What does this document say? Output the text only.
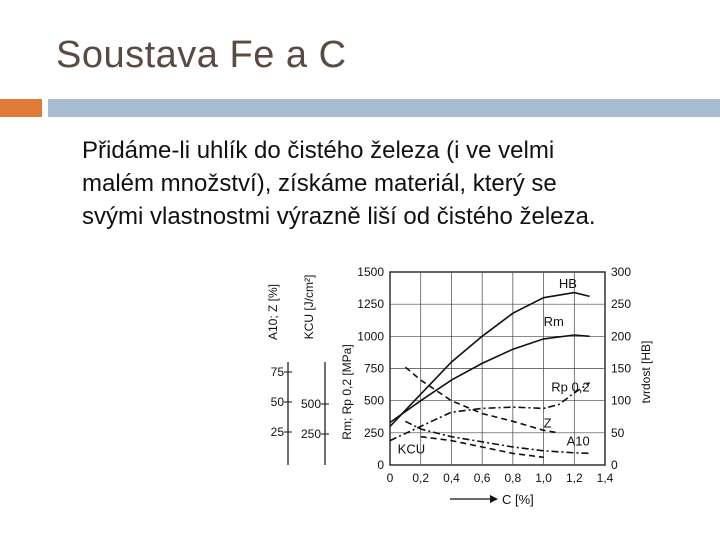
Soustava Fe a C
Přidáme-li uhlík do čistého železa (i ve velmi
malém množství), získáme materiál, který se
svými vlastnostmi výrazně liší od čistého železa.
0 0,2 0,4 0,6 0,8 1,0 1,2 1,4
1500
1250
1000
750
500
250
0
300
250
200
150
100
50
0
500
250
75
50
25
C [%]
A10; Z [%] KCU [J/cm²]
Rm; Rp 0,2 [MPa]	tvrdost [HB]
HB
Rm
Rp 0,2
Z
A10
KCU
